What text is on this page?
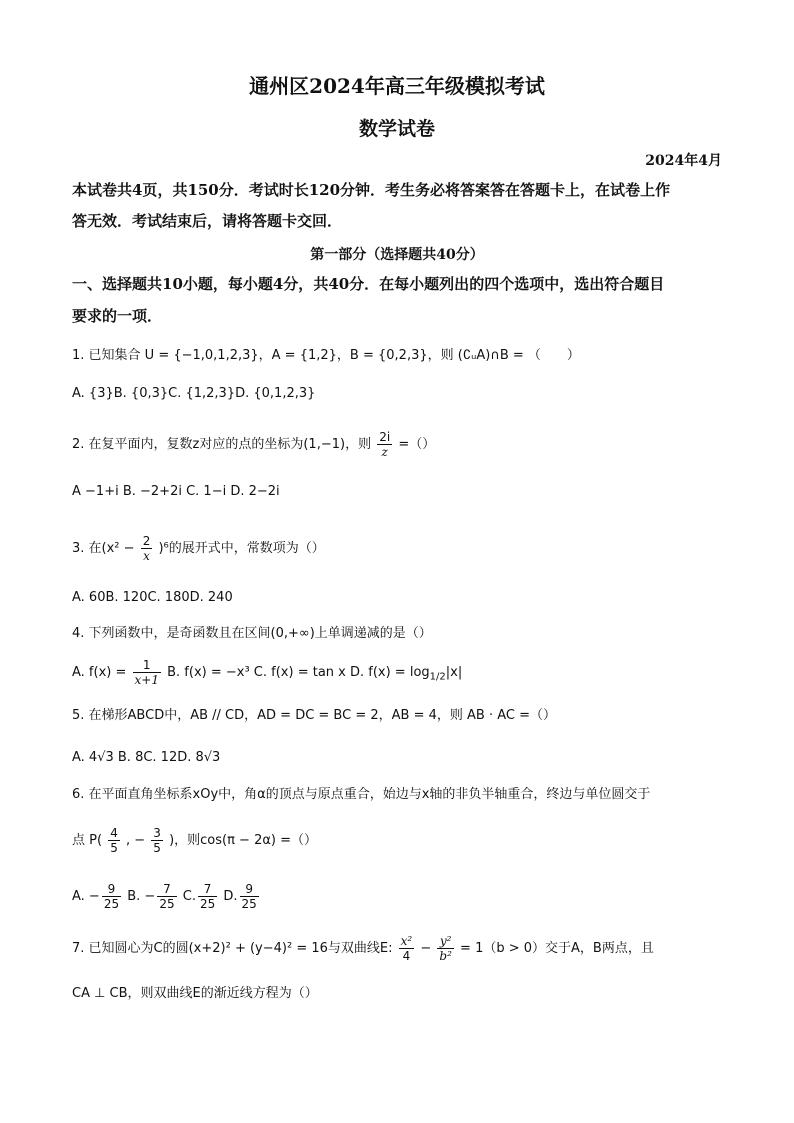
通州区2024年高三年级模拟考试
数学试卷
2024年4月
本试卷共4页，共150分．考试时长120分钟．考生务必将答案答在答题卡上，在试卷上作
答无效．考试结束后，请将答题卡交回．
第一部分（选择题共40分）
一、选择题共10小题，每小题4分，共40分．在每小题列出的四个选项中，选出符合题目
要求的一项．
1. 已知集合 U = {−1,0,1,2,3}，A = {1,2}，B = {0,2,3}，则 (∁ᵤA)∩B = （　　）
A. {3}B. {0,3}C. {1,2,3}D. {0,1,2,3}
2. 在复平面内，复数z对应的点的坐标为(1,−1)，则 $\frac{2i}{z}$ =（）
A −1+i B. −2+2i C. 1−i D. 2−2i
3. 在$(x^2 - \frac{2}{x} )^6$的展开式中，常数项为（）
A. 60B. 120C. 180D. 240
4. 下列函数中，是奇函数且在区间(0,+∞)上单调递减的是（）
A. $f(x) = \frac{1}{x+1} B$. f(x) = −x³ C. f(x) = tan x D. $f(x) = \log_{1/2}|x|$
5. 在梯形ABCD中，AB // CD，AD = DC = BC = 2，AB = 4，则 AB · AC =（）
A. 4√3 B. 8C. 12D. 8√3
6. 在平面直角坐标系xOy中，角α的顶点与原点重合，始边与x轴的非负半轴重合，终边与单位圆交于
点 $P( \frac{4}{5}$ , − $\frac{3}{5}$ )，则cos(π − 2α) =（）
A. − $\frac{9}{25} B$. − $\frac{7}{25} C$. $\frac{7}{25} D$. $\frac{9}{25}$
7. 已知圆心为C的圆(x+2)² + (y−4)² = 16与双曲线E: $\frac{\text{x²}}{4} - \frac{\text{y²}}{\text{b²}} = 1(b > 0)$交于A，B两点，且
CA ⊥ CB，则双曲线E的渐近线方程为（）
